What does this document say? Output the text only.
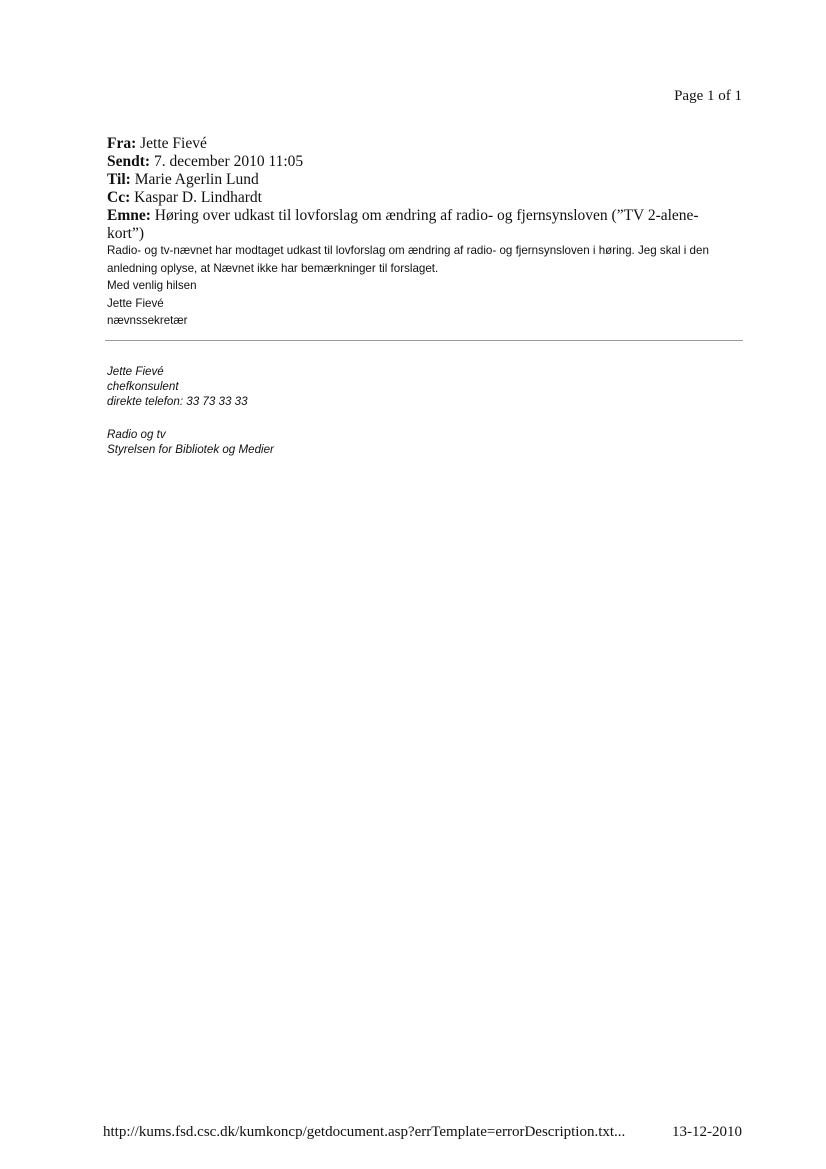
Page 1 of 1
Fra: Jette Fievé
Sendt: 7. december 2010 11:05
Til: Marie Agerlin Lund
Cc: Kaspar D. Lindhardt
Emne: Høring over udkast til lovforslag om ændring af radio- og fjernsynsloven (”TV 2-alene-kort”)

Radio- og tv-nævnet har modtaget udkast til lovforslag om ændring af radio- og fjernsynsloven i høring. Jeg skal i den anledning oplyse, at Nævnet ikke har bemærkninger til forslaget.

Med venlig hilsen

Jette Fievé

nævnssekretær

Jette Fievé
chefkonsulent
direkte telefon: 33 73 33 33
Radio og tv
Styrelsen for Bibliotek og Medier
http://kums.fsd.csc.dk/kumkoncp/getdocument.asp?errTemplate=errorDescription.txt...	13-12-2010
